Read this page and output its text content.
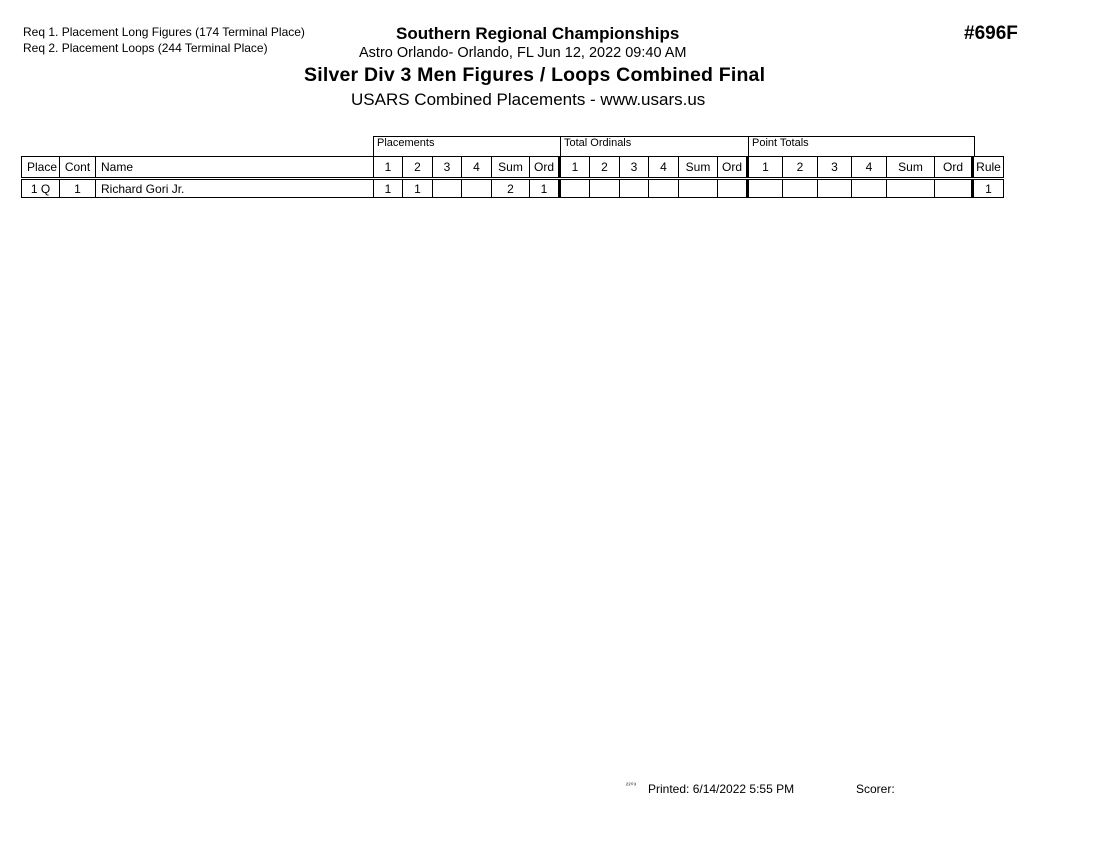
Req 1. Placement Long Figures (174 Terminal Place)
Req 2. Placement Loops (244 Terminal Place)
Southern Regional Championships
Astro Orlando- Orlando, FL Jun 12, 2022 09:40 AM
#696F
Silver Div 3 Men Figures / Loops Combined Final
USARS Combined Placements - www.usars.us
Placements	Total Ordinals	Point Totals
Place	Cont	Name	1	2	3	4	Sum	Ord	1	2	3	4	Sum	Ord	1	2	3	4	Sum	Ord	Rule
1 Q	1	Richard Gori Jr.	1	1			2	1													1
²²⁰³ Printed: 6/14/2022 5:55 PM	Scorer:
